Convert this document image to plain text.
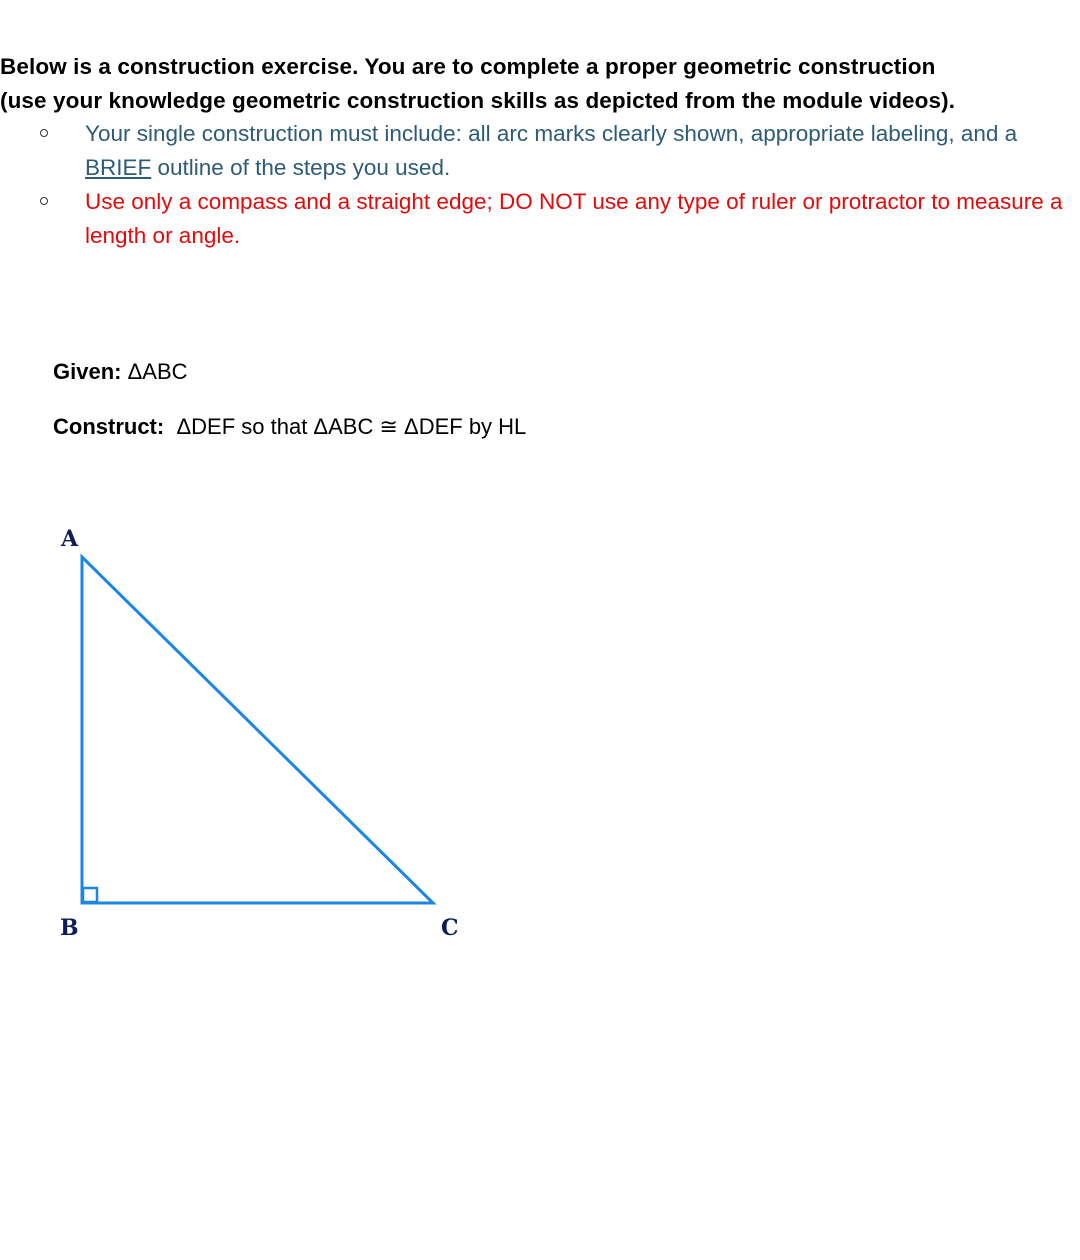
Below is a construction exercise. You are to complete a proper geometric construction
(use your knowledge geometric construction skills as depicted from the module videos).
Your single construction must include: all arc marks clearly shown, appropriate labeling, and a BRIEF outline of the steps you used.
Use only a compass and a straight edge; DO NOT use any type of ruler or protractor to measure a length or angle.
Given: ΔABC
Construct: ΔDEF so that ΔABC ≅ ΔDEF by HL
A
B	C
